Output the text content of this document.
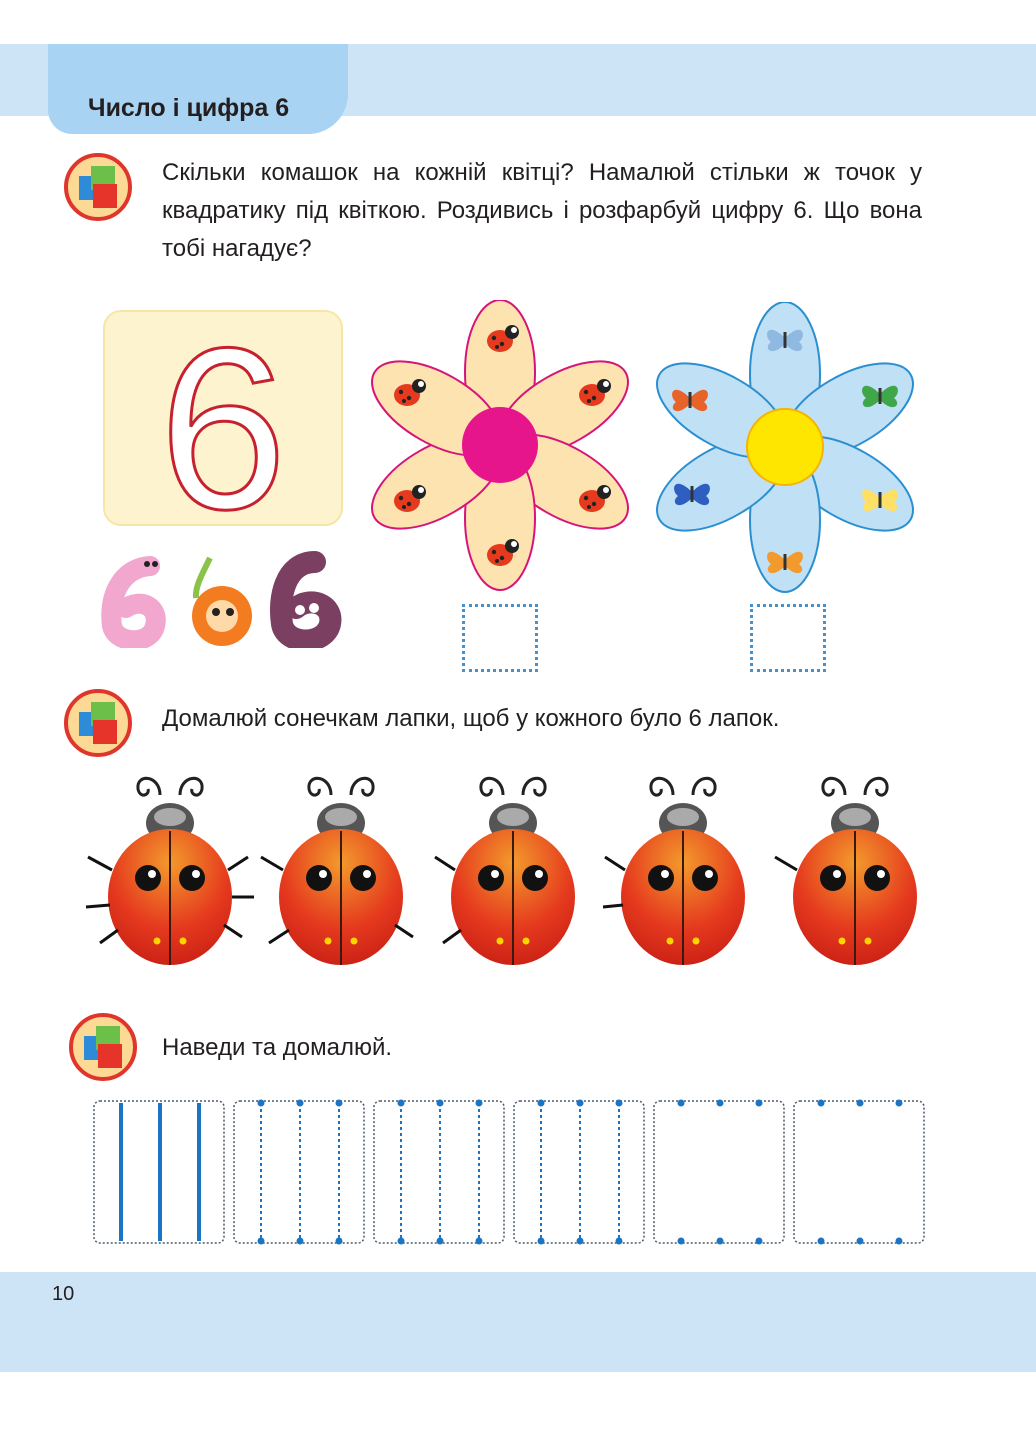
Число і цифра 6
Скільки комашок на кожній квітці? Намалюй стільки ж точок у квадратику під квіткою. Роздивись і розфарбуй цифру 6. Що вона тобі нагадує?
Домалюй сонечкам лапки, щоб у кожного було 6 лапок.
Наведи та домалюй.
6
10
